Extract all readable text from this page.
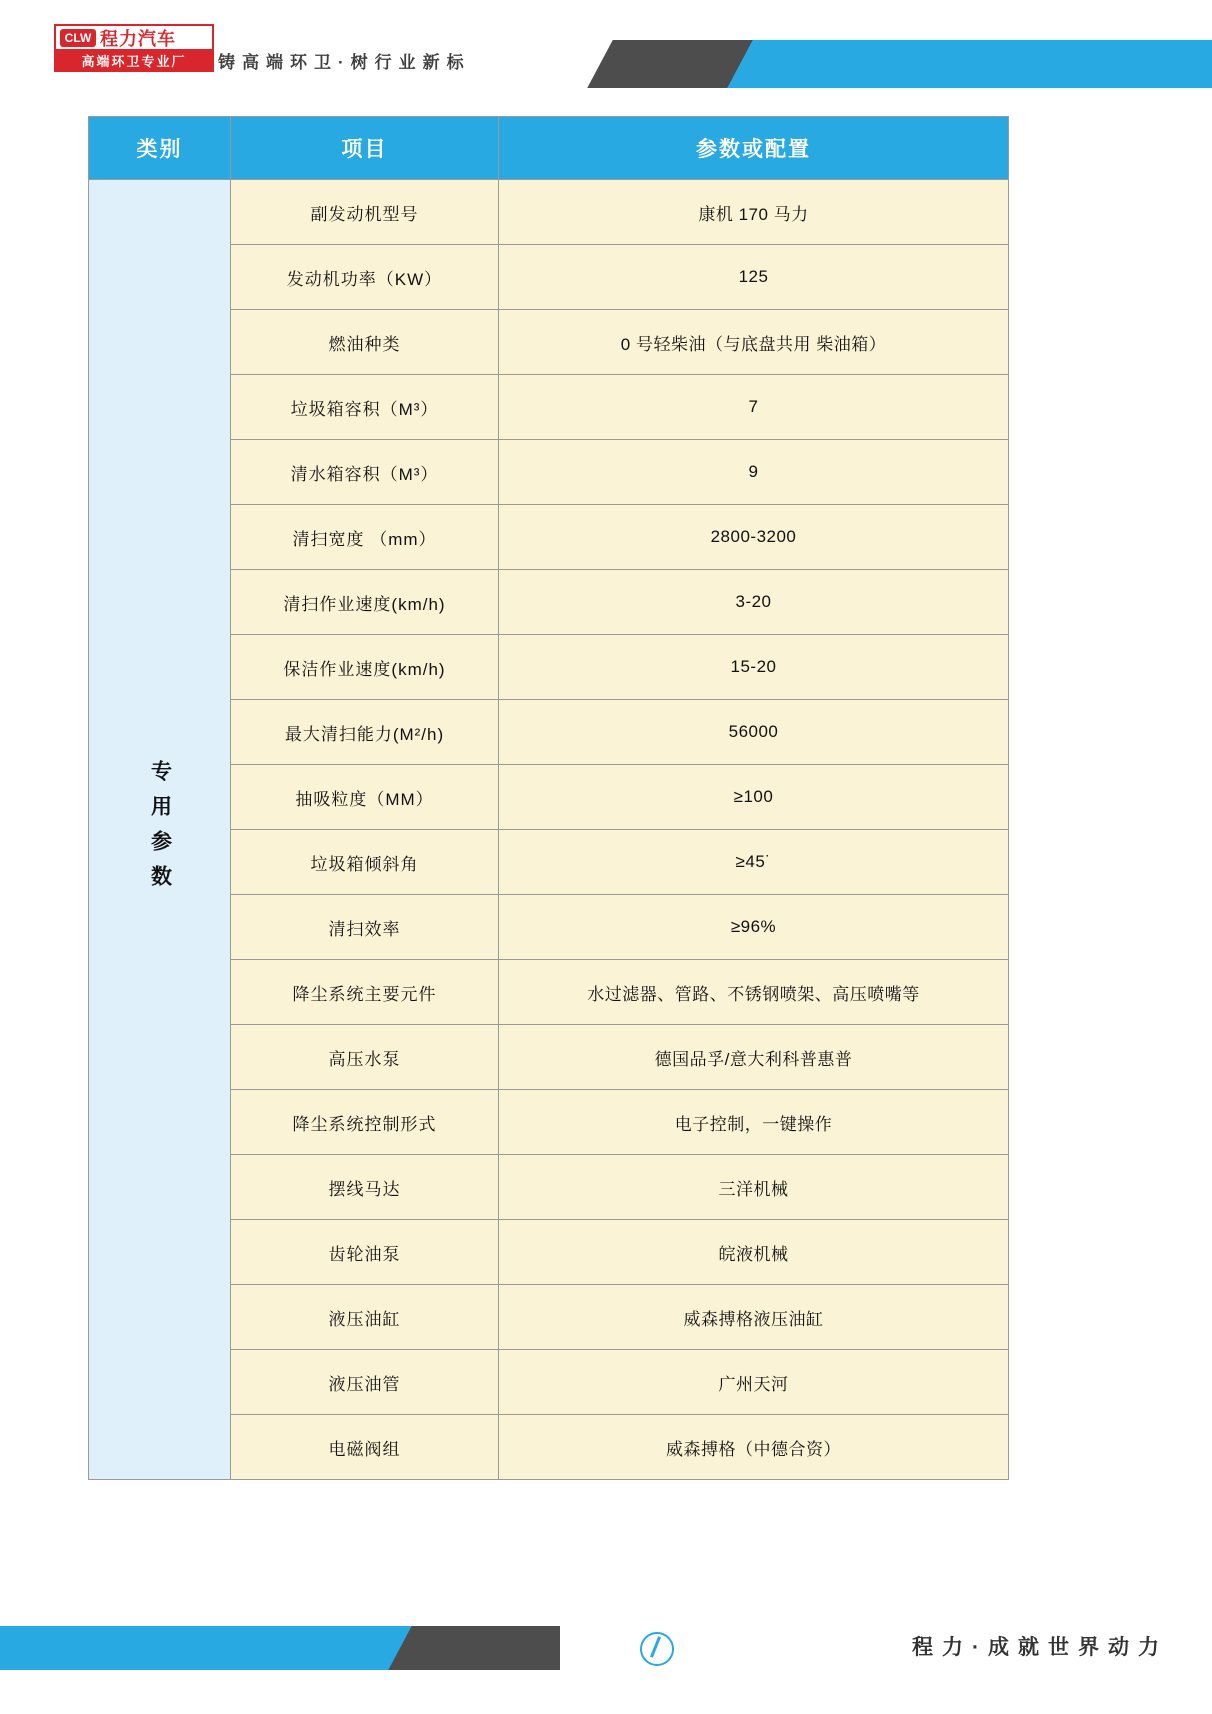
CLW 程力汽车
高端环卫专业厂	铸高端环卫·树行业新标
类别	项目	参数或配置

专用参数	副发动机型号	康机 170 马力
	发动机功率（KW）	125
	燃油种类	0 号轻柴油（与底盘共用 柴油箱）
	垃圾箱容积（M³）	7
	清水箱容积（M³）	9
	清扫宽度 （mm）	2800-3200
	清扫作业速度(km/h)	3-20
	保洁作业速度(km/h)	15-20
	最大清扫能力(M²/h)	56000
	抽吸粒度（MM）	≥100
	垃圾箱倾斜角	≥45˙
	清扫效率	≥96%
	降尘系统主要元件	水过滤器、管路、不锈钢喷架、高压喷嘴等
	高压水泵	德国品孚/意大利科普惠普
	降尘系统控制形式	电子控制，一键操作
	摆线马达	三洋机械
	齿轮油泵	皖液机械
	液压油缸	威森搏格液压油缸
	液压油管	广州天河
	电磁阀组	威森搏格（中德合资）
程力·成就世界动力
